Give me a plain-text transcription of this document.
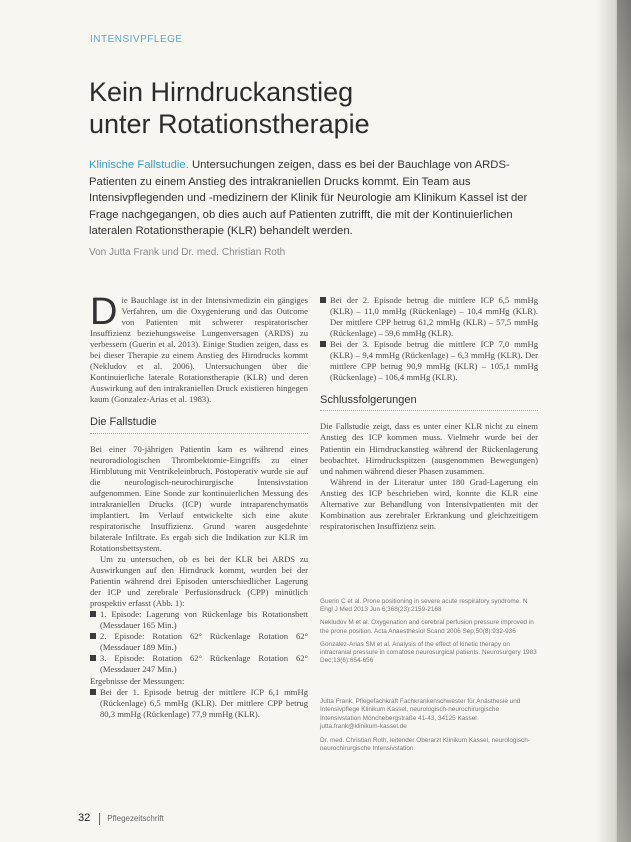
INTENSIVPFLEGE
Kein Hirndruckanstieg
unter Rotationstherapie
Klinische Fallstudie. Untersuchungen zeigen, dass es bei der Bauchlage von ARDS-Patienten zu einem Anstieg des intrakraniellen Drucks kommt. Ein Team aus Intensivpflegenden und -medizinern der Klinik für Neurologie am Klinikum Kassel ist der Frage nachgegangen, ob dies auch auf Patienten zutrifft, die mit der Kontinuierlichen lateralen Rotationstherapie (KLR) behandelt werden.
Von Jutta Frank und Dr. med. Christian Roth

Die Bauchlage ist in der Intensivmedizin ein gängiges Verfahren, um die Oxygenierung und das Outcome von Patienten mit schwerer respiratorischer Insuffizienz beziehungsweise Lungenversagen (ARDS) zu verbessern (Guerin et al. 2013). Einige Studien zeigen, dass es bei dieser Therapie zu einem Anstieg des Hirndrucks kommt (Nekludov et al. 2006). Untersuchungen über die Kontinuierliche laterale Rotationstherapie (KLR) und deren Auswirkung auf den intrakraniellen Druck existieren hingegen kaum (Gonzalez-Arias et al. 1983).

Die Fallstudie

Bei einer 70-jährigen Patientin kam es während eines neuroradiologischen Thrombektomie-Eingriffs zu einer Hirnblutung mit Ventrikeleinbruch. Postoperativ wurde sie auf die neurologisch-neurochirurgische Intensivstation aufgenommen. Eine Sonde zur kontinuierlichen Messung des intrakraniellen Drucks (ICP) wurde intraparenchymatös implantiert. Im Verlauf entwickelte sich eine akute respiratorische Insuffizienz. Grund waren ausgedehnte bilaterale Infiltrate. Es ergab sich die Indikation zur KLR im Rotationsbettsystem.

Um zu untersuchen, ob es bei der KLR bei ARDS zu Auswirkungen auf den Hirndruck kommt, wurden bei der Patientin während drei Episoden unterschiedlicher Lagerung der ICP und zerebrale Perfusionsdruck (CPP) minütlich prospektiv erfasst (Abb. 1):

1. Episode: Lagerung von Rückenlage bis Rotationsbett (Messdauer 165 Min.)
2. Episode: Rotation 62° Rückenlage Rotation 62° (Messdauer 189 Min.)
3. Episode: Rotation 62° Rückenlage Rotation 62° (Messdauer 247 Min.)

Ergebnisse der Messungen:

Bei der 1. Episode betrug der mittlere ICP 6,1 mmHg (Rückenlage) 6,5 mmHg (KLR). Der mittlere CPP betrug 80,3 mmHg (Rückenlage) 77,9 mmHg (KLR).
Bei der 2. Episode betrug die mittlere ICP 6,5 mmHg (KLR) – 11,0 mmHg (Rückenlage) – 10,4 mmHg (KLR). Der mittlere CPP betrug 61,2 mmHg (KLR) – 57,5 mmHg (Rückenlage) – 59,6 mmHg (KLR).
Bei der 3. Episode betrug die mittlere ICP 7,0 mmHg (KLR) – 9,4 mmHg (Rückenlage) – 6,3 mmHg (KLR). Der mittlere CPP betrug 90,9 mmHg (KLR) – 105,1 mmHg (Rückenlage) – 106,4 mmHg (KLR).
Schlussfolgerungen

Die Fallstudie zeigt, dass es unter einer KLR nicht zu einem Anstieg des ICP kommen muss. Vielmehr wurde bei der Patientin ein Hirndruckanstieg während der Rückenlagerung beobachtet. Hirndruckspitzen (ausgenommen Bewegungen) und nahmen während dieser Phasen zusammen.

Während in der Literatur unter 180 Grad-Lagerung ein Anstieg des ICP beschrieben wird, konnte die KLR eine Alternative zur Behandlung von Intensivpatienten mit der Kombination aus zerebraler Erkrankung und gleichzeitigem respiratorischen Insuffizienz sein.

Guerin C et al. Prone positioning in severe acute respiratory syndrome. N Engl J Med 2013 Jun 6;368(23):2159-2168

Nekludov M et al. Oxygenation and cerebral perfusion pressure improved in the prone position. Acta Anaesthesiol Scand 2006 Sep;50(8):932-936

Gonzalez-Arias SM et al. Analysis of the effect of kinetic therapy on intracranial pressure in comatose neurosurgical patients. Neurosurgery 1983 Dec;13(6):654-656

Jutta Frank, Pflegefachkraft Fachkrankenschwester für Anästhesie und Intensivpflege Klinikum Kassel, neurologisch-neurochirurgische Intensivstation Mönchebergstraße 41-43, 34125 Kassel jutta.frank@klinikum-kassel.de

Dr. med. Christian Roth, leitender Oberarzt Klinikum Kassel, neurologisch-neurochirurgische Intensivstation

32 Pflegezeitschrift
